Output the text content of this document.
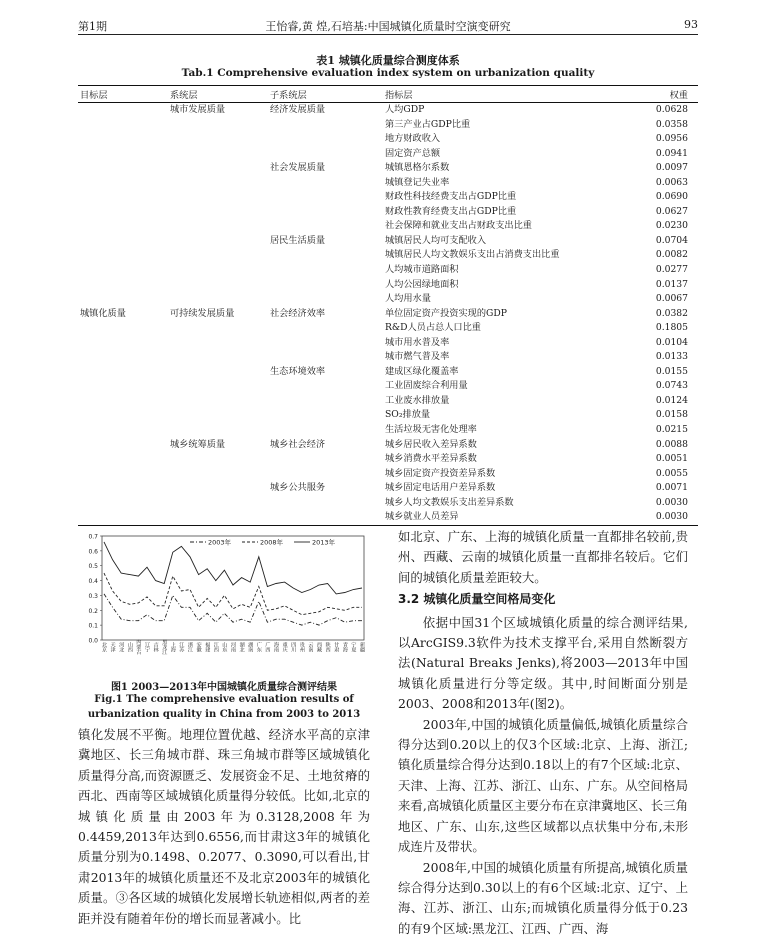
第1期	王怡睿,黄 煌,石培基:中国城镇化质量时空演变研究	93
表1 城镇化质量综合测度体系
Tab.1 Comprehensive evaluation index system on urbanization quality
目标层	系统层	子系统层	指标层	权重
	城市发展质量	经济发展质量	人均GDP	0.0628
			第三产业占GDP比重	0.0358
			地方财政收入	0.0956
			固定资产总额	0.0941
		社会发展质量	城镇恩格尔系数	0.0097
			城镇登记失业率	0.0063
			财政性科技经费支出占GDP比重	0.0690
			财政性教育经费支出占GDP比重	0.0627
			社会保障和就业支出占财政支出比重	0.0230
		居民生活质量	城镇居民人均可支配收入	0.0704
			城镇居民人均文教娱乐支出占消费支出比重	0.0082
			人均城市道路面积	0.0277
			人均公园绿地面积	0.0137
			人均用水量	0.0067
城镇化质量	可持续发展质量	社会经济效率	单位固定资产投资实现的GDP	0.0382
			R&D人员占总人口比重	0.1805
			城市用水普及率	0.0104
			城市燃气普及率	0.0133
		生态环境效率	建成区绿化覆盖率	0.0155
			工业固废综合利用量	0.0743
			工业废水排放量	0.0124
			SO₂排放量	0.0158
			生活垃圾无害化处理率	0.0215
	城乡统筹质量	城乡社会经济	城乡居民收入差异系数	0.0088
			城乡消费水平差异系数	0.0051
			城乡固定资产投资差异系数	0.0055
		城乡公共服务	城乡固定电话用户差异系数	0.0071
			城乡人均文教娱乐支出差异系数	0.0030
			城乡就业人员差异	0.0030
0.0
0.1
0.2
0.3
0.4
0.5
0.6
0.7
北京 天津 河北 山西 内蒙古 辽宁 吉林 黑龙江 上海 江苏 浙江 安徽 福建 江西 山东 河南 湖北 湖南 广东 广西 海南 重庆 四川 贵州 云南 西藏 陕西 甘肃 青海 宁夏 新疆
2003年	2008年	2013年
图1 2003—2013年中国城镇化质量综合测评结果
Fig.1 The comprehensive evaluation results of
urbanization quality in China from 2003 to 2013

镇化发展不平衡。地理位置优越、经济水平高的京津冀地区、长三角城市群、珠三角城市群等区域城镇化质量得分高,而资源匮乏、发展资金不足、土地贫瘠的西北、西南等区域城镇化质量得分较低。比如,北京的城镇化质量由2003年为0.3128,2008年为0.4459,2013年达到0.6556,而甘肃这3年的城镇化质量分别为0.1498、0.2077、0.3090,可以看出,甘肃2013年的城镇化质量还不及北京2003年的城镇化质量。③各区域的城镇化发展增长轨迹相似,两者的差距并没有随着年份的增长而显著减小。比

如北京、广东、上海的城镇化质量一直都排名较前,贵州、西藏、云南的城镇化质量一直都排名较后。它们间的城镇化质量差距较大。

3.2 城镇化质量空间格局变化

依据中国31个区域城镇化质量的综合测评结果,以ArcGIS9.3软件为技术支撑平台,采用自然断裂方法(Natural Breaks Jenks),将2003—2013年中国城镇化质量进行分等定级。其中,时间断面分别是2003、2008和2013年(图2)。

2003年,中国的城镇化质量偏低,城镇化质量综合得分达到0.20以上的仅3个区域:北京、上海、浙江;镇化质量综合得分达到0.18以上的有7个区域:北京、天津、上海、江苏、浙江、山东、广东。从空间格局来看,高城镇化质量区主要分布在京津冀地区、长三角地区、广东、山东,这些区域都以点状集中分布,未形成连片及带状。

2008年,中国的城镇化质量有所提高,城镇化质量综合得分达到0.30以上的有6个区域:北京、辽宁、上海、江苏、浙江、山东;而城镇化质量得分低于0.23的有9个区域:黑龙江、江西、广西、海
